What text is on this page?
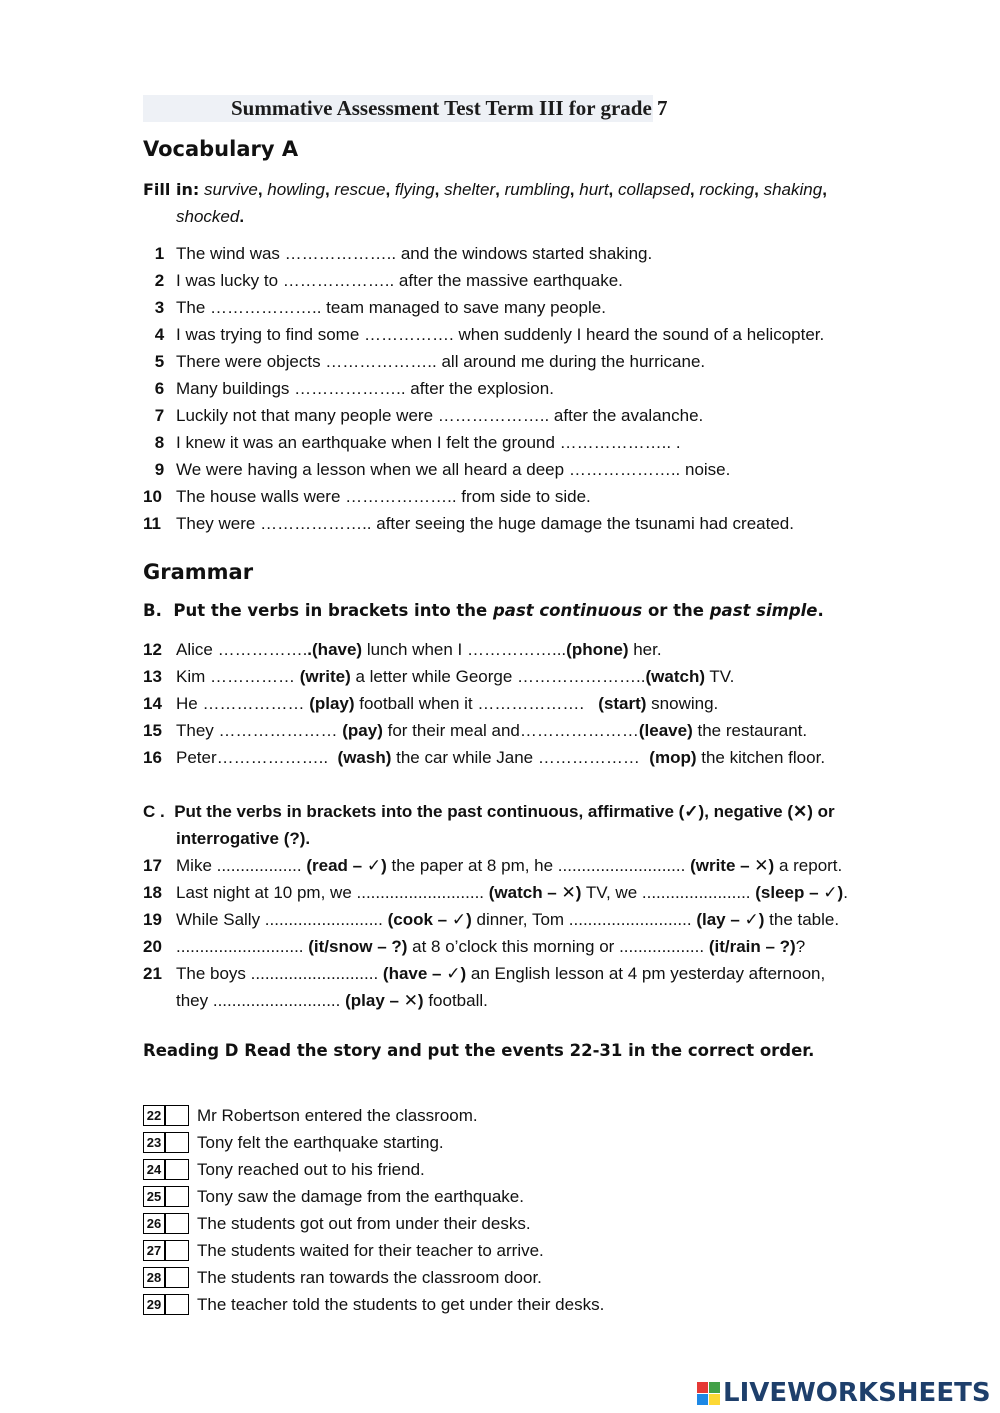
Summative Assessment Test Term III for grade 7
Vocabulary A
Fill in: survive, howling, rescue, flying, shelter, rumbling, hurt, collapsed, rocking, shaking,
shocked.
1 The wind was ……………….. and the windows started shaking.
2 I was lucky to ……………….. after the massive earthquake.
3 The ……………….. team managed to save many people.
4 I was trying to find some ……………. when suddenly I heard the sound of a helicopter.
5 There were objects ……………….. all around me during the hurricane.
6 Many buildings ……………….. after the explosion.
7 Luckily not that many people were ……………….. after the avalanche.
8 I knew it was an earthquake when I felt the ground ……………….. .
9 We were having a lesson when we all heard a deep ……………….. noise.
10 The house walls were ……………….. from side to side.
11 They were ……………….. after seeing the huge damage the tsunami had created.
Grammar
B. Put the verbs in brackets into the past continuous or the past simple.
12 Alice ……………..(have) lunch when I ……………...(phone) her.
13 Kim …………… (write) a letter while George …………………..(watch) TV.
14 He ……………… (play) football when it ……………….   (start) snowing.
15 They ………………… (pay) for their meal and…………………(leave) the restaurant.
16 Peter………………..  (wash) the car while Jane ………………  (mop) the kitchen floor.
C . Put the verbs in brackets into the past continuous, affirmative (✓), negative (✕) or
interrogative (?).
17 Mike .................. (read – ✓) the paper at 8 pm, he ........................... (write – ✕) a report.
18 Last night at 10 pm, we ........................... (watch – ✕) TV, we ....................... (sleep – ✓).
19 While Sally ......................... (cook – ✓) dinner, Tom .......................... (lay – ✓) the table.
20 ........................... (it/snow – ?) at 8 o’clock this morning or .................. (it/rain – ?)?
21 The boys ........................... (have – ✓) an English lesson at 4 pm yesterday afternoon,
they ........................... (play – ✕) football.
Reading D Read the story and put the events 22-31 in the correct order.
22 Mr Robertson entered the classroom.
23 Tony felt the earthquake starting.
24 Tony reached out to his friend.
25 Tony saw the damage from the earthquake.
26 The students got out from under their desks.
27 The students waited for their teacher to arrive.
28 The students ran towards the classroom door.
29 The teacher told the students to get under their desks.
LIVEWORKSHEETS
